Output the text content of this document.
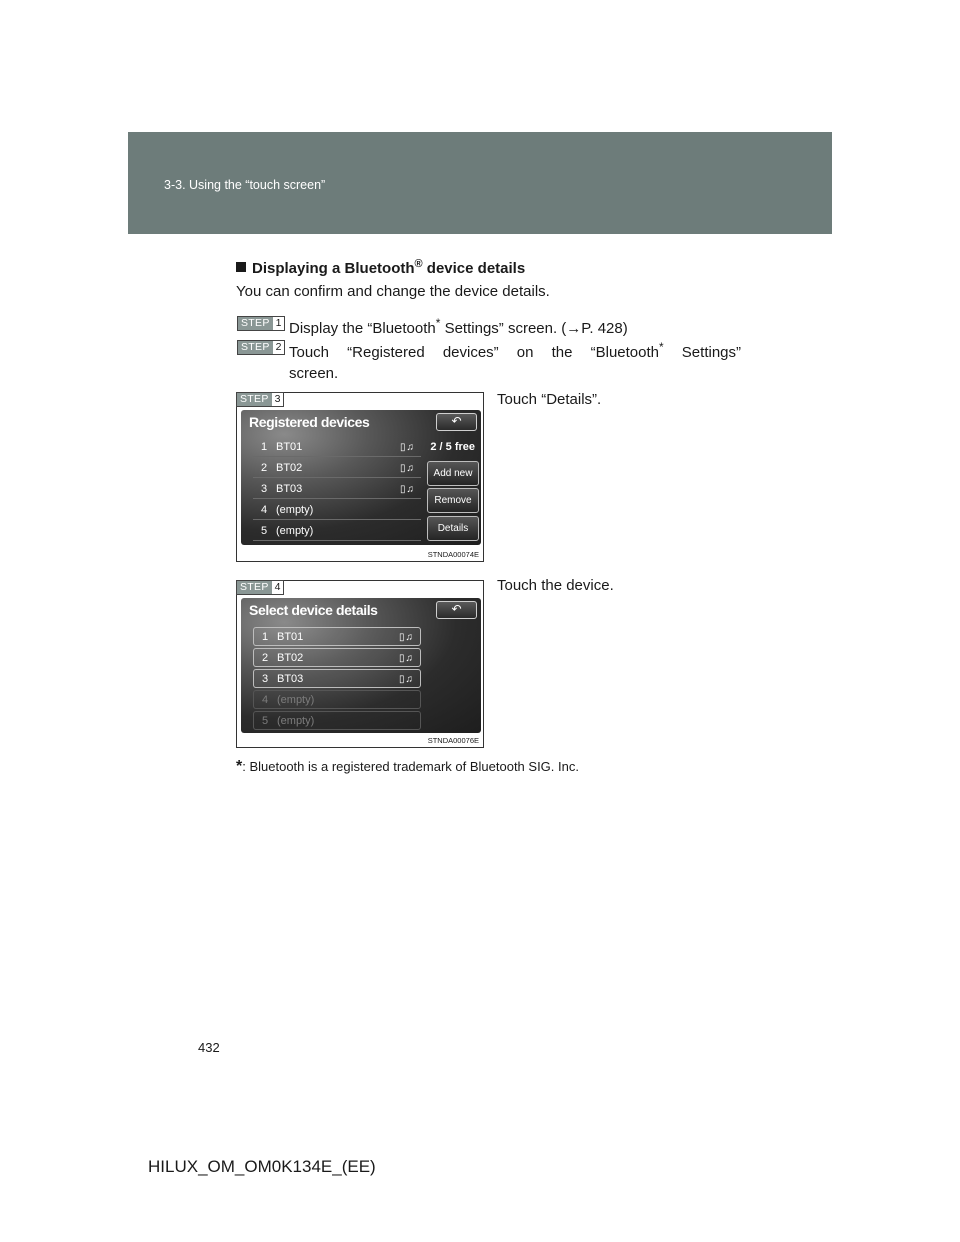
3-3. Using the “touch screen”
Displaying a Bluetooth® device details
You can confirm and change the device details.
STEP 1 Display the “Bluetooth* Settings” screen. (→P. 428)
STEP 2 Touch “Registered devices” on the “Bluetooth* Settings”
screen.
STEP 3
Registered devices	↶
2 / 5 free
1 BT01	▯♫
2 BT02	▯♫
3 BT03	▯♫
4 (empty)
5 (empty)
Add new
Remove
Details
STNDA00074E
Touch “Details”.
STEP 4
Select device details	↶
1 BT01	▯♫
2 BT02	▯♫
3 BT03	▯♫
4 (empty)
5 (empty)
STNDA00076E
Touch the device.
*: Bluetooth is a registered trademark of Bluetooth SIG. Inc.
432
HILUX_OM_OM0K134E_(EE)
